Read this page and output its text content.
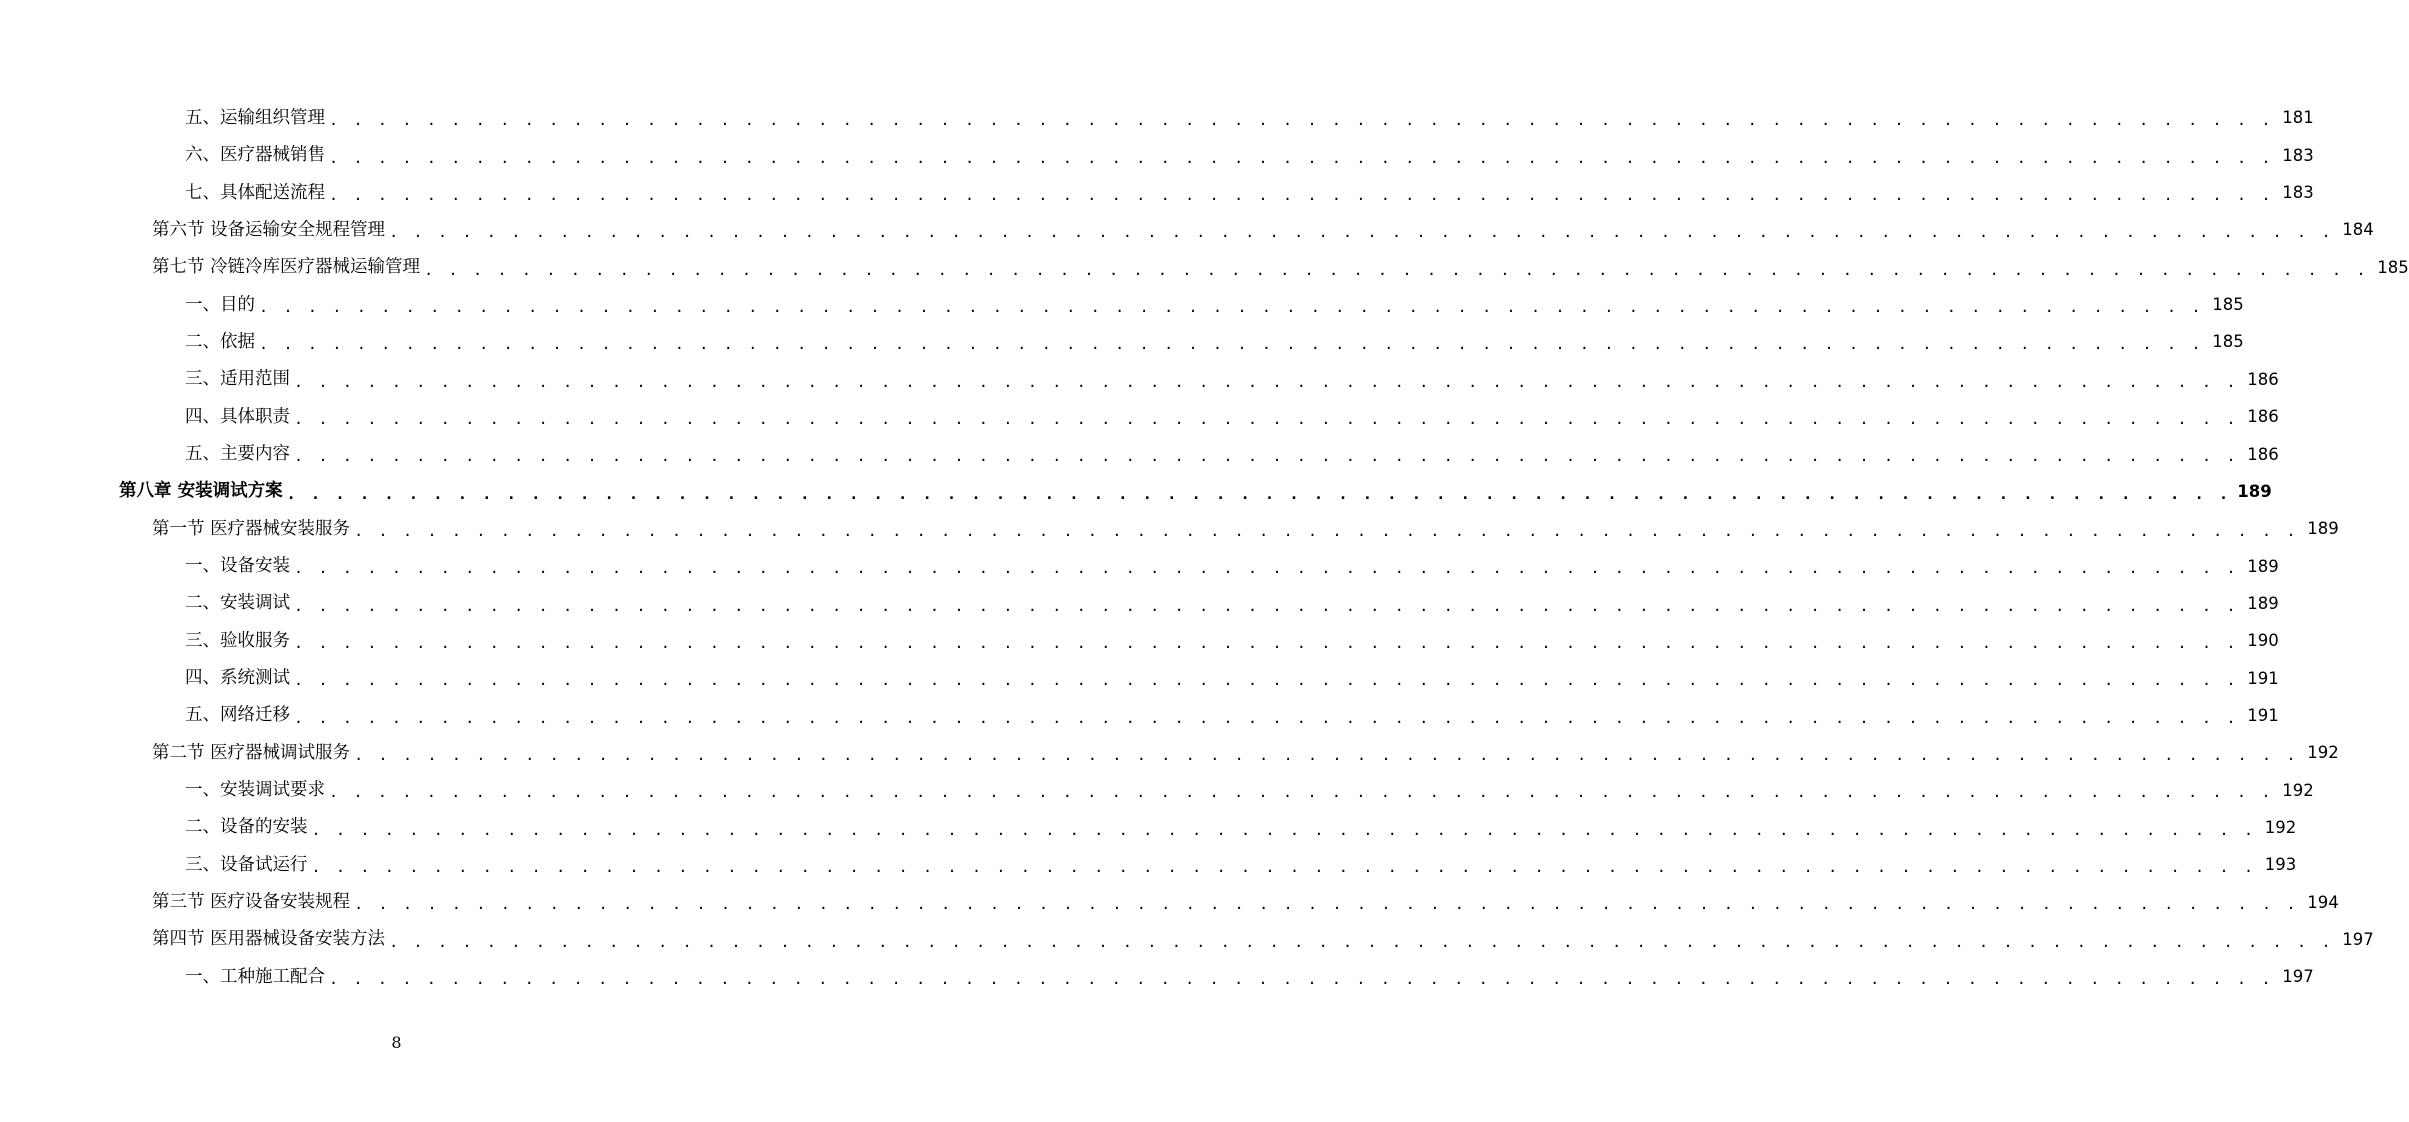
五、运输组织管理 . . . . . . . . . . . . . . . . . . . . . . . . . . . . . . . . . . . . . . . . . . . . . . . . . . . . . . . . . . . . . . . . . . . . . . . . . . . . . . . . 181
六、医疗器械销售 . . . . . . . . . . . . . . . . . . . . . . . . . . . . . . . . . . . . . . . . . . . . . . . . . . . . . . . . . . . . . . . . . . . . . . . . . . . . . . . . 183
七、具体配送流程 . . . . . . . . . . . . . . . . . . . . . . . . . . . . . . . . . . . . . . . . . . . . . . . . . . . . . . . . . . . . . . . . . . . . . . . . . . . . . . . . 183
第六节 设备运输安全规程管理 . . . . . . . . . . . . . . . . . . . . . . . . . . . . . . . . . . . . . . . . . . . . . . . . . . . . . . . . . . . . . . . . . . . . . . . . . . . . . . . . 184
第七节 冷链冷库医疗器械运输管理 . . . . . . . . . . . . . . . . . . . . . . . . . . . . . . . . . . . . . . . . . . . . . . . . . . . . . . . . . . . . . . . . . . . . . . . . . . . . . . . . 185
一、目的 . . . . . . . . . . . . . . . . . . . . . . . . . . . . . . . . . . . . . . . . . . . . . . . . . . . . . . . . . . . . . . . . . . . . . . . . . . . . . . . . 185
二、依据 . . . . . . . . . . . . . . . . . . . . . . . . . . . . . . . . . . . . . . . . . . . . . . . . . . . . . . . . . . . . . . . . . . . . . . . . . . . . . . . . 185
三、适用范围 . . . . . . . . . . . . . . . . . . . . . . . . . . . . . . . . . . . . . . . . . . . . . . . . . . . . . . . . . . . . . . . . . . . . . . . . . . . . . . . . 186
四、具体职责 . . . . . . . . . . . . . . . . . . . . . . . . . . . . . . . . . . . . . . . . . . . . . . . . . . . . . . . . . . . . . . . . . . . . . . . . . . . . . . . . 186
五、主要内容 . . . . . . . . . . . . . . . . . . . . . . . . . . . . . . . . . . . . . . . . . . . . . . . . . . . . . . . . . . . . . . . . . . . . . . . . . . . . . . . . 186
第八章 安装调试方案 . . . . . . . . . . . . . . . . . . . . . . . . . . . . . . . . . . . . . . . . . . . . . . . . . . . . . . . . . . . . . . . . . . . . . . . . . . . . . . . . 189
第一节 医疗器械安装服务 . . . . . . . . . . . . . . . . . . . . . . . . . . . . . . . . . . . . . . . . . . . . . . . . . . . . . . . . . . . . . . . . . . . . . . . . . . . . . . . . 189
一、设备安装 . . . . . . . . . . . . . . . . . . . . . . . . . . . . . . . . . . . . . . . . . . . . . . . . . . . . . . . . . . . . . . . . . . . . . . . . . . . . . . . . 189
二、安装调试 . . . . . . . . . . . . . . . . . . . . . . . . . . . . . . . . . . . . . . . . . . . . . . . . . . . . . . . . . . . . . . . . . . . . . . . . . . . . . . . . 189
三、验收服务 . . . . . . . . . . . . . . . . . . . . . . . . . . . . . . . . . . . . . . . . . . . . . . . . . . . . . . . . . . . . . . . . . . . . . . . . . . . . . . . . 190
四、系统测试 . . . . . . . . . . . . . . . . . . . . . . . . . . . . . . . . . . . . . . . . . . . . . . . . . . . . . . . . . . . . . . . . . . . . . . . . . . . . . . . . 191
五、网络迁移 . . . . . . . . . . . . . . . . . . . . . . . . . . . . . . . . . . . . . . . . . . . . . . . . . . . . . . . . . . . . . . . . . . . . . . . . . . . . . . . . 191
第二节 医疗器械调试服务 . . . . . . . . . . . . . . . . . . . . . . . . . . . . . . . . . . . . . . . . . . . . . . . . . . . . . . . . . . . . . . . . . . . . . . . . . . . . . . . . 192
一、安装调试要求 . . . . . . . . . . . . . . . . . . . . . . . . . . . . . . . . . . . . . . . . . . . . . . . . . . . . . . . . . . . . . . . . . . . . . . . . . . . . . . . . 192
二、设备的安装 . . . . . . . . . . . . . . . . . . . . . . . . . . . . . . . . . . . . . . . . . . . . . . . . . . . . . . . . . . . . . . . . . . . . . . . . . . . . . . . . 192
三、设备试运行 . . . . . . . . . . . . . . . . . . . . . . . . . . . . . . . . . . . . . . . . . . . . . . . . . . . . . . . . . . . . . . . . . . . . . . . . . . . . . . . . 193
第三节 医疗设备安装规程 . . . . . . . . . . . . . . . . . . . . . . . . . . . . . . . . . . . . . . . . . . . . . . . . . . . . . . . . . . . . . . . . . . . . . . . . . . . . . . . . 194
第四节 医用器械设备安装方法 . . . . . . . . . . . . . . . . . . . . . . . . . . . . . . . . . . . . . . . . . . . . . . . . . . . . . . . . . . . . . . . . . . . . . . . . . . . . . . . . 197
一、工种施工配合 . . . . . . . . . . . . . . . . . . . . . . . . . . . . . . . . . . . . . . . . . . . . . . . . . . . . . . . . . . . . . . . . . . . . . . . . . . . . . . . . 197
8
